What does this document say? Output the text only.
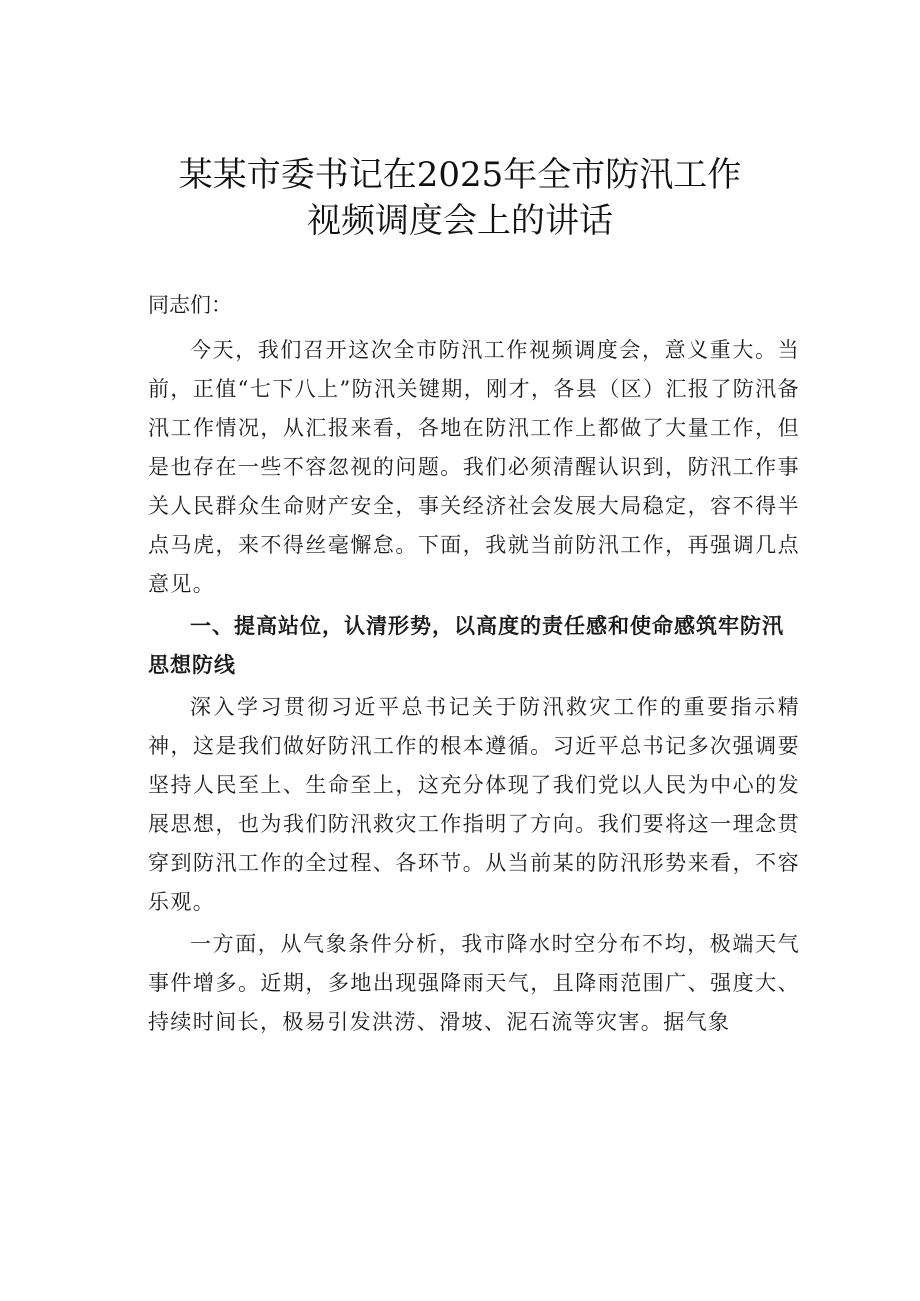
某某市委书记在2025年全市防汛工作
视频调度会上的讲话

同志们：

今天，我们召开这次全市防汛工作视频调度会，意义重大。当前，正值“七下八上”防汛关键期，刚才，各县（区）汇报了防汛备汛工作情况，从汇报来看，各地在防汛工作上都做了大量工作，但是也存在一些不容忽视的问题。我们必须清醒认识到，防汛工作事关人民群众生命财产安全，事关经济社会发展大局稳定，容不得半点马虎，来不得丝毫懈怠。下面，我就当前防汛工作，再强调几点意见。

一、提高站位，认清形势，以高度的责任感和使命感筑牢防汛思想防线

深入学习贯彻习近平总书记关于防汛救灾工作的重要指示精神，这是我们做好防汛工作的根本遵循。习近平总书记多次强调要坚持人民至上、生命至上，这充分体现了我们党以人民为中心的发展思想，也为我们防汛救灾工作指明了方向。我们要将这一理念贯穿到防汛工作的全过程、各环节。从当前某的防汛形势来看，不容乐观。

一方面，从气象条件分析，我市降水时空分布不均，极端天气事件增多。近期，多地出现强降雨天气，且降雨范围广、强度大、持续时间长，极易引发洪涝、滑坡、泥石流等灾害。据气象
